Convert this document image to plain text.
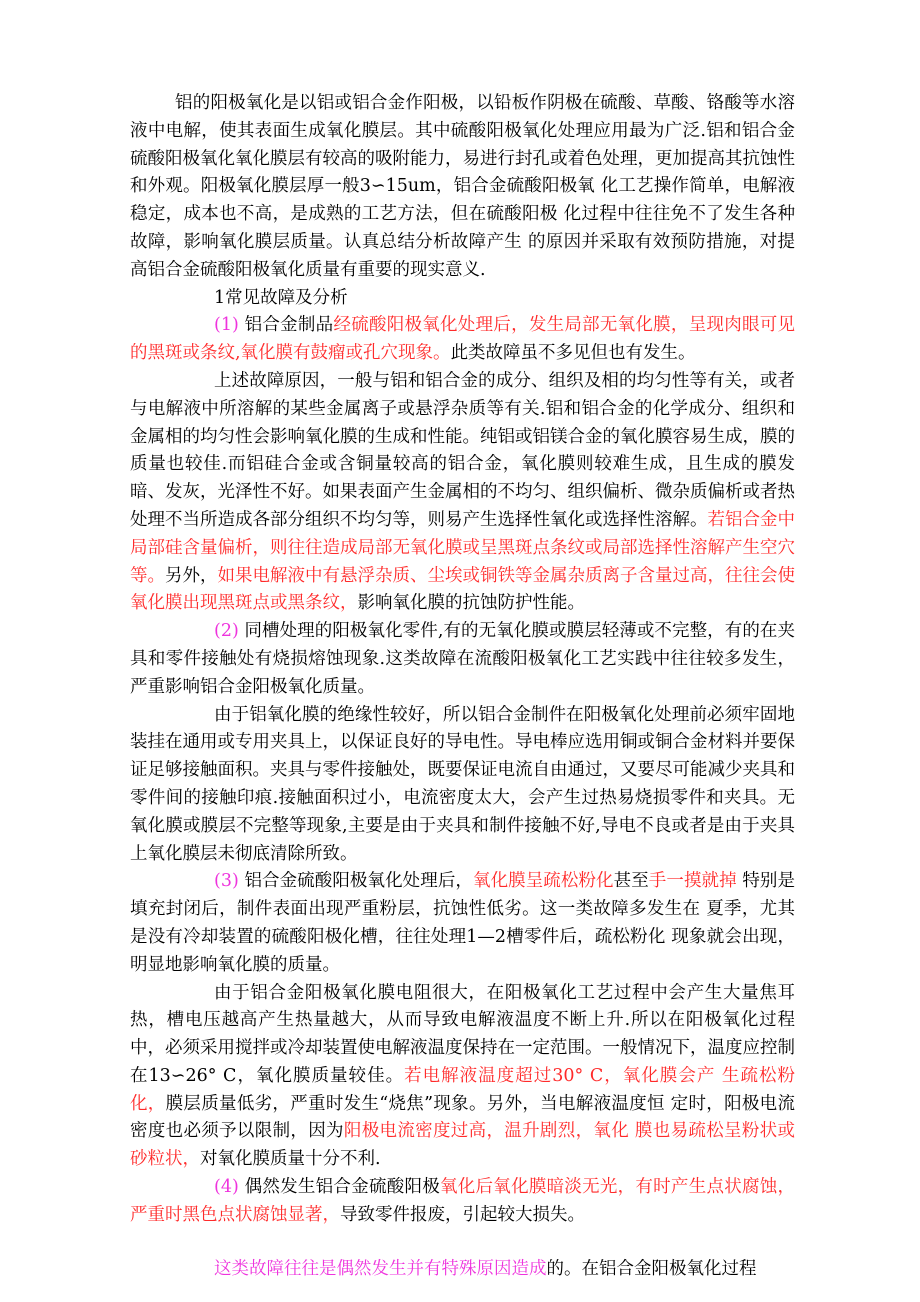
铝的阳极氧化是以铝或铝合金作阳极，以铅板作阴极在硫酸、草酸、铬酸等水溶液中电解，使其表面生成氧化膜层。其中硫酸阳极氧化处理应用最为广泛.铝和铝合金硫酸阳极氧化氧化膜层有较高的吸附能力，易进行封孔或着色处理，更加提高其抗蚀性和外观。阳极氧化膜层厚一般3∽15um，铝合金硫酸阳极氧 化工艺操作简单，电解液稳定，成本也不高，是成熟的工艺方法，但在硫酸阳极 化过程中往往免不了发生各种故障，影响氧化膜层质量。认真总结分析故障产生 的原因并采取有效预防措施，对提高铝合金硫酸阳极氧化质量有重要的现实意义.

1常见故障及分析

(1) 铝合金制品经硫酸阳极氧化处理后，发生局部无氧化膜，呈现肉眼可见的黑斑或条纹,氧化膜有鼓瘤或孔穴现象。此类故障虽不多见但也有发生。

上述故障原因，一般与铝和铝合金的成分、组织及相的均匀性等有关，或者与电解液中所溶解的某些金属离子或悬浮杂质等有关.铝和铝合金的化学成分、组织和金属相的均匀性会影响氧化膜的生成和性能。纯铝或铝镁合金的氧化膜容易生成，膜的质量也较佳.而铝硅合金或含铜量较高的铝合金，氧化膜则较难生成，且生成的膜发暗、发灰，光泽性不好。如果表面产生金属相的不均匀、组织偏析、微杂质偏析或者热处理不当所造成各部分组织不均匀等，则易产生选择性氧化或选择性溶解。若铝合金中局部硅含量偏析，则往往造成局部无氧化膜或呈黑斑点条纹或局部选择性溶解产生空穴等。另外，如果电解液中有悬浮杂质、尘埃或铜铁等金属杂质离子含量过高，往往会使氧化膜出现黑斑点或黑条纹，影响氧化膜的抗蚀防护性能。

(2) 同槽处理的阳极氧化零件,有的无氧化膜或膜层轻薄或不完整，有的在夹具和零件接触处有烧损熔蚀现象.这类故障在流酸阳极氧化工艺实践中往往较多发生，严重影响铝合金阳极氧化质量。

由于铝氧化膜的绝缘性较好，所以铝合金制件在阳极氧化处理前必须牢固地装挂在通用或专用夹具上，以保证良好的导电性。导电棒应选用铜或铜合金材料并要保证足够接触面积。夹具与零件接触处，既要保证电流自由通过，又要尽可能减少夹具和零件间的接触印痕.接触面积过小，电流密度太大，会产生过热易烧损零件和夹具。无氧化膜或膜层不完整等现象,主要是由于夹具和制件接触不好,导电不良或者是由于夹具上氧化膜层未彻底清除所致。

(3) 铝合金硫酸阳极氧化处理后，氧化膜呈疏松粉化甚至手一摸就掉 特别是填充封闭后，制件表面出现严重粉层，抗蚀性低劣。这一类故障多发生在 夏季，尤其是没有冷却装置的硫酸阳极化槽，往往处理1—2槽零件后，疏松粉化 现象就会出现，明显地影响氧化膜的质量。

由于铝合金阳极氧化膜电阻很大，在阳极氧化工艺过程中会产生大量焦耳热，槽电压越高产生热量越大，从而导致电解液温度不断上升.所以在阳极氧化过程中，必须采用搅拌或冷却装置使电解液温度保持在一定范围。一般情况下，温度应控制在13∽26° C，氧化膜质量较佳。若电解液温度超过30° C，氧化膜会产 生疏松粉化，膜层质量低劣，严重时发生“烧焦”现象。另外，当电解液温度恒 定时，阳极电流密度也必须予以限制，因为阳极电流密度过高，温升剧烈，氧化 膜也易疏松呈粉状或砂粒状，对氧化膜质量十分不利.

(4) 偶然发生铝合金硫酸阳极氧化后氧化膜暗淡无光，有时产生点状腐蚀，严重时黑色点状腐蚀显著，导致零件报废，引起较大损失。

这类故障往往是偶然发生并有特殊原因造成的。在铝合金阳极氧化过程
